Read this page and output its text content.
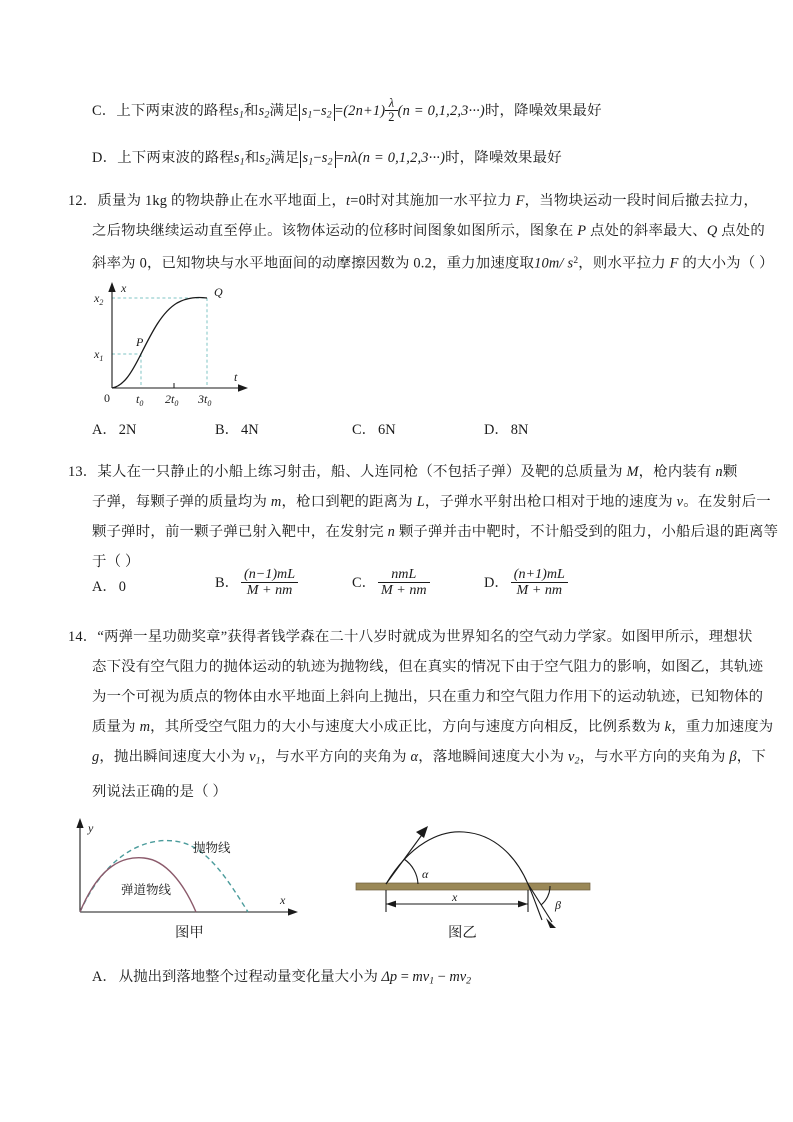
C．上下两束波的路程$s_1$和$s_2$满足 $s_1-s_2 =(2n+1) \frac{\lambda}{2} (n = 0,1,2,3\cdot\cdot\cdot)$时，降噪效果最好
D．上下两束波的路程$s_1$和$s_2$满足 $s_1-s_2 =n\lambda(n = 0,1,2,3\cdot\cdot\cdot)$时，降噪效果最好
12．质量为 1kg 的物块静止在水平地面上，t=0时对其施加一水平拉力 F，当物块运动一段时间后撤去拉力，
之后物块继续运动直至停止。该物体运动的位移时间图象如图所示，图象在 P 点处的斜率最大、Q 点处的
斜率为 0，已知物块与水平地面间的动摩擦因数为 0.2，重力加速度取10m/ $s^2$，则水平拉力 F 的大小为（ ）
x
t
0
$x_2$
$x_1$
P
Q
$t_0$ $2t_0$ $3t_0$
A． 2N	B． 4N	C． 6N	D． 8N
13．某人在一只静止的小船上练习射击，船、人连同枪（不包括子弹）及靶的总质量为 M，枪内装有 n颗
子弹，每颗子弹的质量均为 m，枪口到靶的距离为 L，子弹水平射出枪口相对于地的速度为 v。在发射后一
颗子弹时，前一颗子弹已射入靶中，在发射完 n 颗子弹并击中靶时，不计船受到的阻力，小船后退的距离等
于（ ）
A． 0	B． $\frac{(n-1)mL}{M + nm}$	C． $\frac{\text{nmL}}{M + nm}$	D． $\frac{(n+1)mL}{M + nm}$
14．“两弹一星功勋奖章”获得者钱学森在二十八岁时就成为世界知名的空气动力学家。如图甲所示，理想状
态下没有空气阻力的抛体运动的轨迹为抛物线，但在真实的情况下由于空气阻力的影响，如图乙，其轨迹
为一个可视为质点的物体由水平地面上斜向上抛出，只在重力和空气阻力作用下的运动轨迹，已知物体的
质量为 m，其所受空气阻力的大小与速度大小成正比，方向与速度方向相反，比例系数为 k，重力加速度为
g，抛出瞬间速度大小为 $v_1$，与水平方向的夹角为 α，落地瞬间速度大小为 $v_2$，与水平方向的夹角为 β，下
列说法正确的是（ ）
y
x
抛物线
弹道物线
图甲
α
β
x
图乙
A． 从抛出到落地整个过程动量变化量大小为 $\Delta p = mv_1 - mv_2$
